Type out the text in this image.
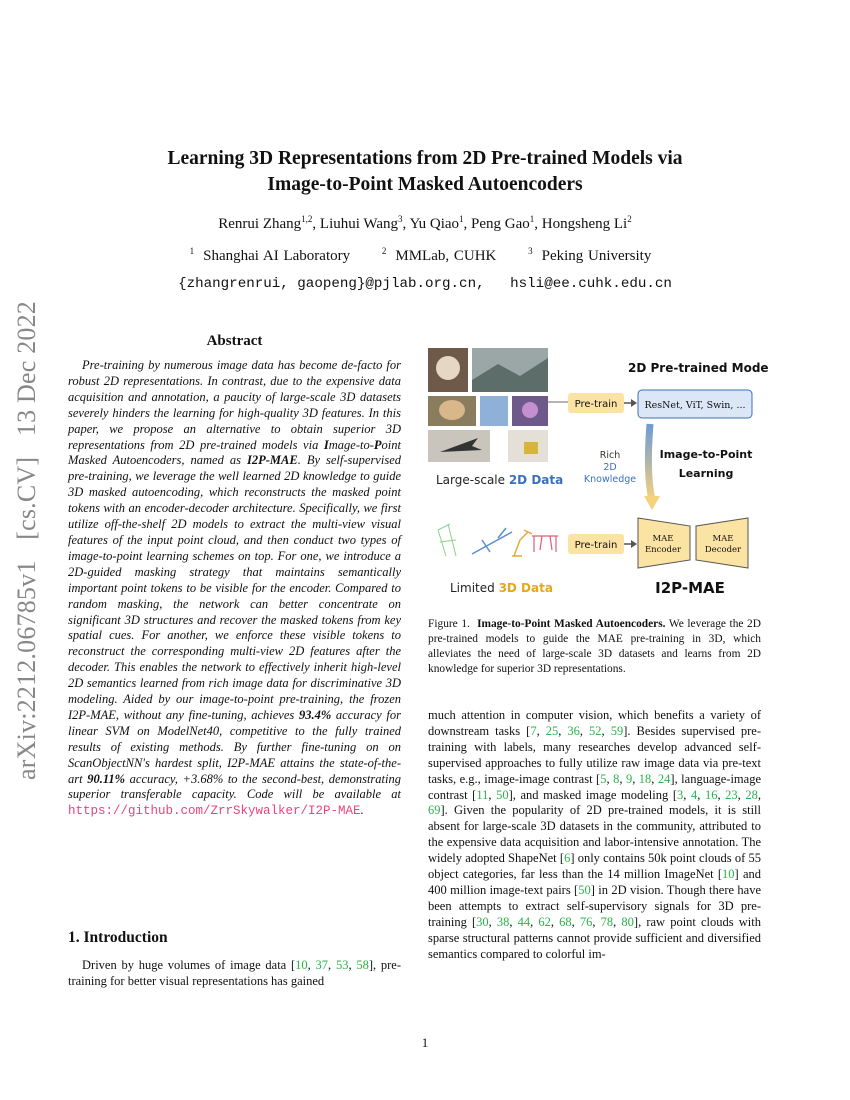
Learning 3D Representations from 2D Pre-trained Models via
Image-to-Point Masked Autoencoders
Renrui Zhang$^{1,2}$, Liuhui Wang$^3$, Yu Qiao$^1$, Peng Gao$^1$, Hongsheng Li$^2$
$^1$ Shanghai AI Laboratory	$^2$ MMLab, CUHK	$^3$ Peking University
{zhangrenrui, gaopeng}@pjlab.org.cn,   hsli@ee.cuhk.edu.cn
arXiv:2212.06785v1 [cs.CV] 13 Dec 2022	Abstract
Pre-training by numerous image data has become de-facto for robust 2D representations. In contrast, due to the expensive data acquisition and annotation, a paucity of large-scale 3D datasets severely hinders the learning for high-quality 3D features. In this paper, we propose an alternative to obtain superior 3D representations from 2D pre-trained models via Image-to-Point Masked Autoencoders, named as I2P-MAE. By self-supervised pre-training, we leverage the well learned 2D knowledge to guide 3D masked autoencoding, which reconstructs the masked point tokens with an encoder-decoder architecture. Specifically, we first utilize off-the-shelf 2D models to extract the multi-view visual features of the input point cloud, and then conduct two types of image-to-point learning schemes on top. For one, we introduce a 2D-guided masking strategy that maintains semantically important point tokens to be visible for the encoder. Compared to random masking, the network can better concentrate on significant 3D structures and recover the masked tokens from key spatial cues. For another, we enforce these visible tokens to reconstruct the corresponding multi-view 2D features after the decoder. This enables the network to effectively inherit high-level 2D semantics learned from rich image data for discriminative 3D modeling. Aided by our image-to-point pre-training, the frozen I2P-MAE, without any fine-tuning, achieves 93.4% accuracy for linear SVM on ModelNet40, competitive to the fully trained results of existing methods. By further fine-tuning on on ScanObjectNN's hardest split, I2P-MAE attains the state-of-the-art 90.11% accuracy, +3.68% to the second-best, demonstrating superior transferable capacity. Code will be available at https://github.com/ZrrSkywalker/I2P-MAE.
1. Introduction
Driven by huge volumes of image data [10, 37, 53, 58], pre-training for better visual representations has gained
Large-scale 2D Data
2D Pre-trained Models
Pre-train	ResNet, ViT, Swin, ...
Rich
2D
Knowledge
Image-to-Point
Learning
Pre-train
MAE
Encoder
MAE
Decoder
Limited 3D Data	I2P-MAE
Figure 1. Image-to-Point Masked Autoencoders. We leverage the 2D pre-trained models to guide the MAE pre-training in 3D, which alleviates the need of large-scale 3D datasets and learns from 2D knowledge for superior 3D representations.
much attention in computer vision, which benefits a variety of downstream tasks [7, 25, 36, 52, 59]. Besides supervised pre-training with labels, many researches develop advanced self-supervised approaches to fully utilize raw image data via pre-text tasks, e.g., image-image contrast [5, 8, 9, 18, 24], language-image contrast [11, 50], and masked image modeling [3, 4, 16, 23, 28, 69]. Given the popularity of 2D pre-trained models, it is still absent for large-scale 3D datasets in the community, attributed to the expensive data acquisition and labor-intensive annotation. The widely adopted ShapeNet [6] only contains 50k point clouds of 55 object categories, far less than the 14 million ImageNet [10] and 400 million image-text pairs [50] in 2D vision. Though there have been attempts to extract self-supervisory signals for 3D pre-training [30, 38, 44, 62, 68, 76, 78, 80], raw point clouds with sparse structural patterns cannot provide sufficient and diversified semantics compared to colorful im-
1
